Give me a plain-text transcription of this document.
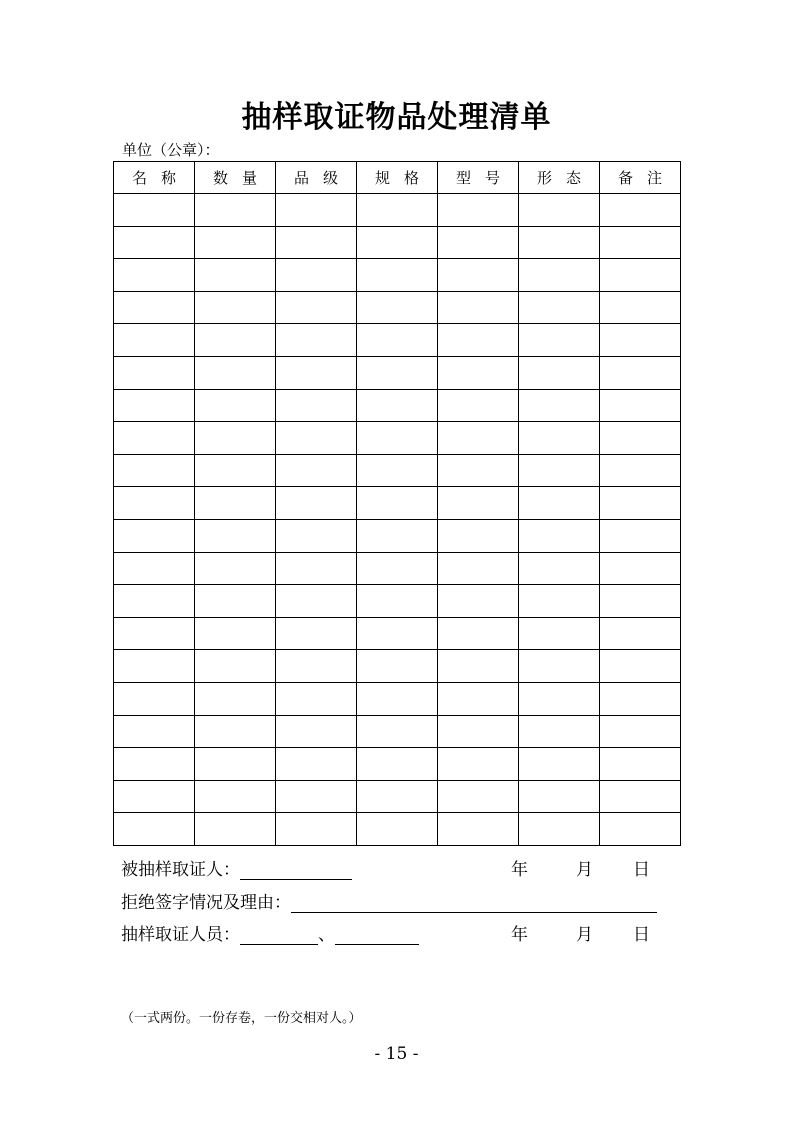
抽样取证物品处理清单
单位（公章）：
名称	数量	品级	规格	型号	形态	备注

被抽样取证人：	年	月 日
拒绝签字情况及理由：
抽样取证人员：	、	年	月 日
（一式两份。一份存卷，一份交相对人。）
- 15 -
